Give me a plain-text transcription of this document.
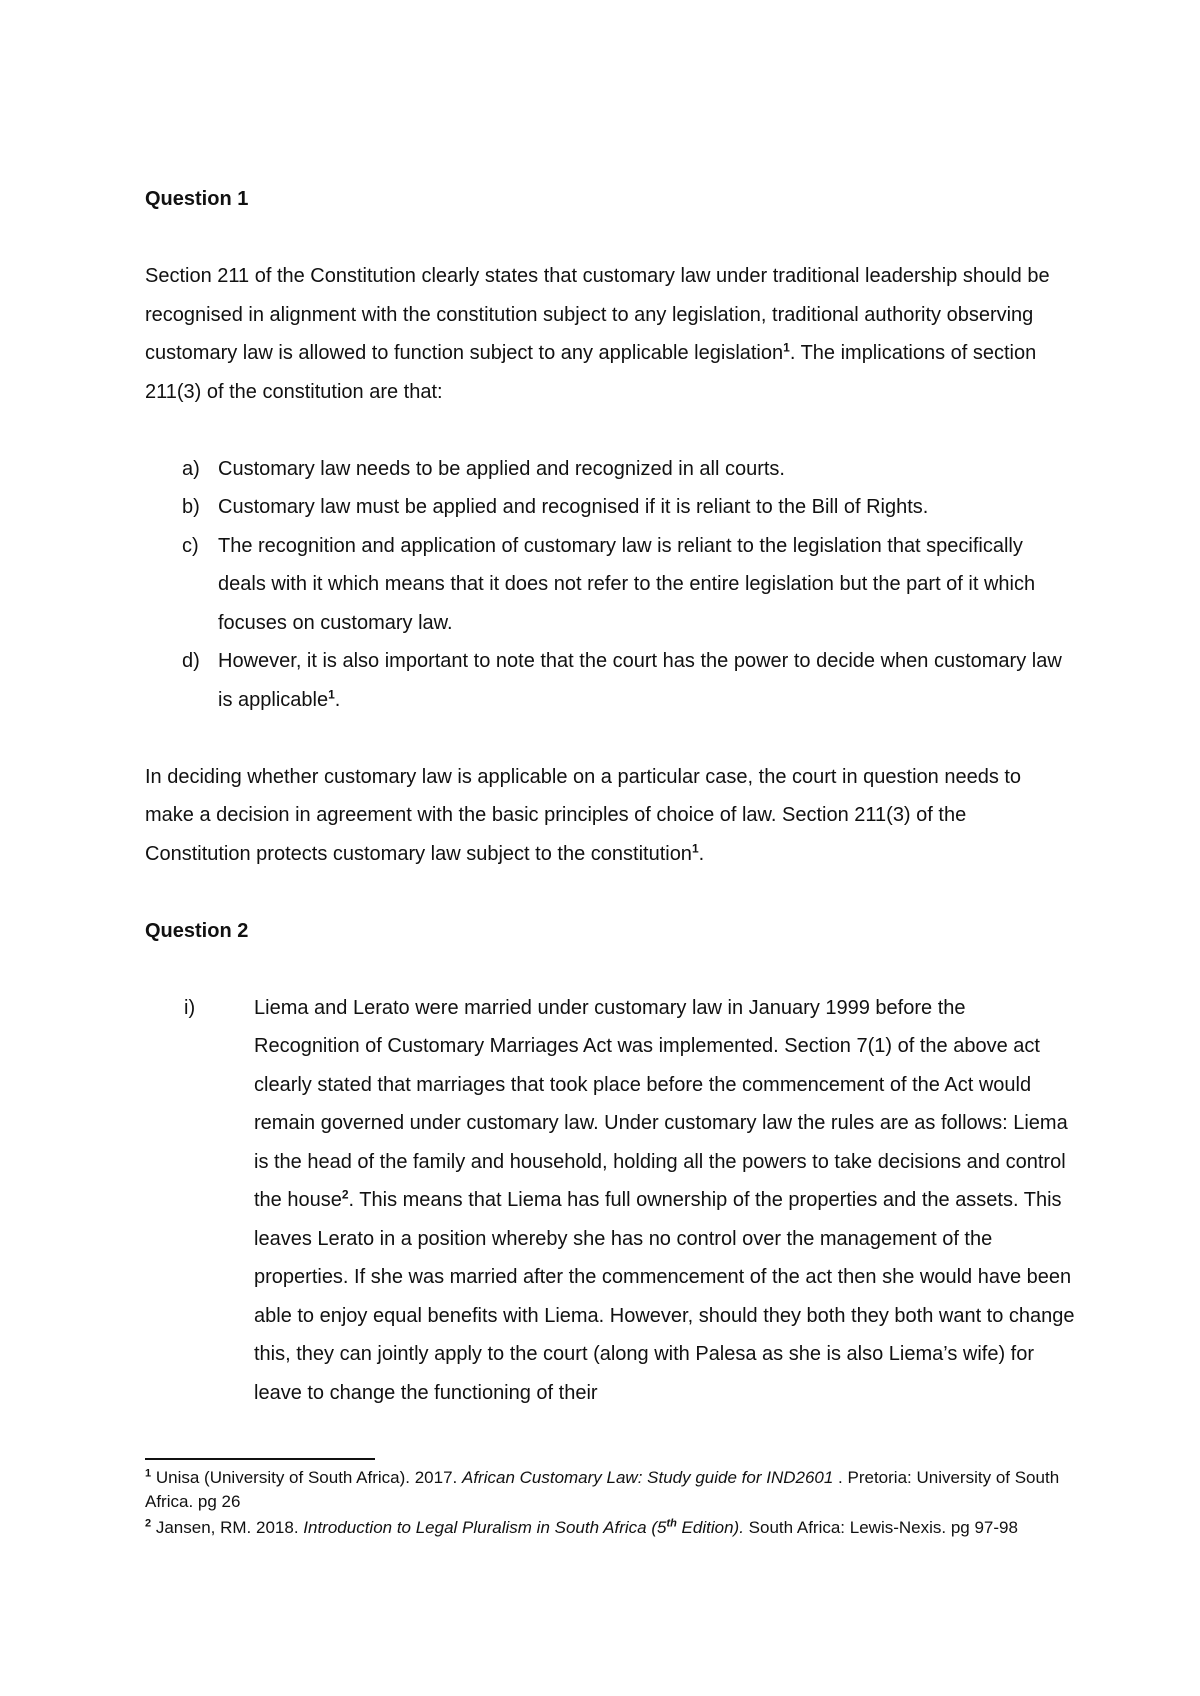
Question 1
Section 211 of the Constitution clearly states that customary law under traditional leadership should be recognised in alignment with the constitution subject to any legislation, traditional authority observing customary law is allowed to function subject to any applicable legislation$^1$. The implications of section 211(3) of the constitution are that:
a) Customary law needs to be applied and recognized in all courts.
b) Customary law must be applied and recognised if it is reliant to the Bill of Rights.
c) The recognition and application of customary law is reliant to the legislation that specifically deals with it which means that it does not refer to the entire legislation but the part of it which focuses on customary law.
d) However, it is also important to note that the court has the power to decide when customary law is applicable$^1$.
In deciding whether customary law is applicable on a particular case, the court in question needs to make a decision in agreement with the basic principles of choice of law. Section 211(3) of the Constitution protects customary law subject to the constitution$^1$.
Question 2
i)	Liema and Lerato were married under customary law in January 1999 before the Recognition of Customary Marriages Act was implemented. Section 7(1) of the above act clearly stated that marriages that took place before the commencement of the Act would remain governed under customary law. Under customary law the rules are as follows: Liema is the head of the family and household, holding all the powers to take decisions and control the house$^2$. This means that Liema has full ownership of the properties and the assets. This leaves Lerato in a position whereby she has no control over the management of the properties. If she was married after the commencement of the act then she would have been able to enjoy equal benefits with Liema. However, should they both they both want to change this, they can jointly apply to the court (along with Palesa as she is also Liema’s wife) for leave to change the functioning of their
$^1$ Unisa (University of South Africa). 2017. African Customary Law: Study guide for IND2601 . Pretoria: University of South Africa. pg 26
$^2$ Jansen, RM. 2018. Introduction to Legal Pluralism in South Africa (5th Edition). South Africa: Lewis-Nexis. pg 97-98
